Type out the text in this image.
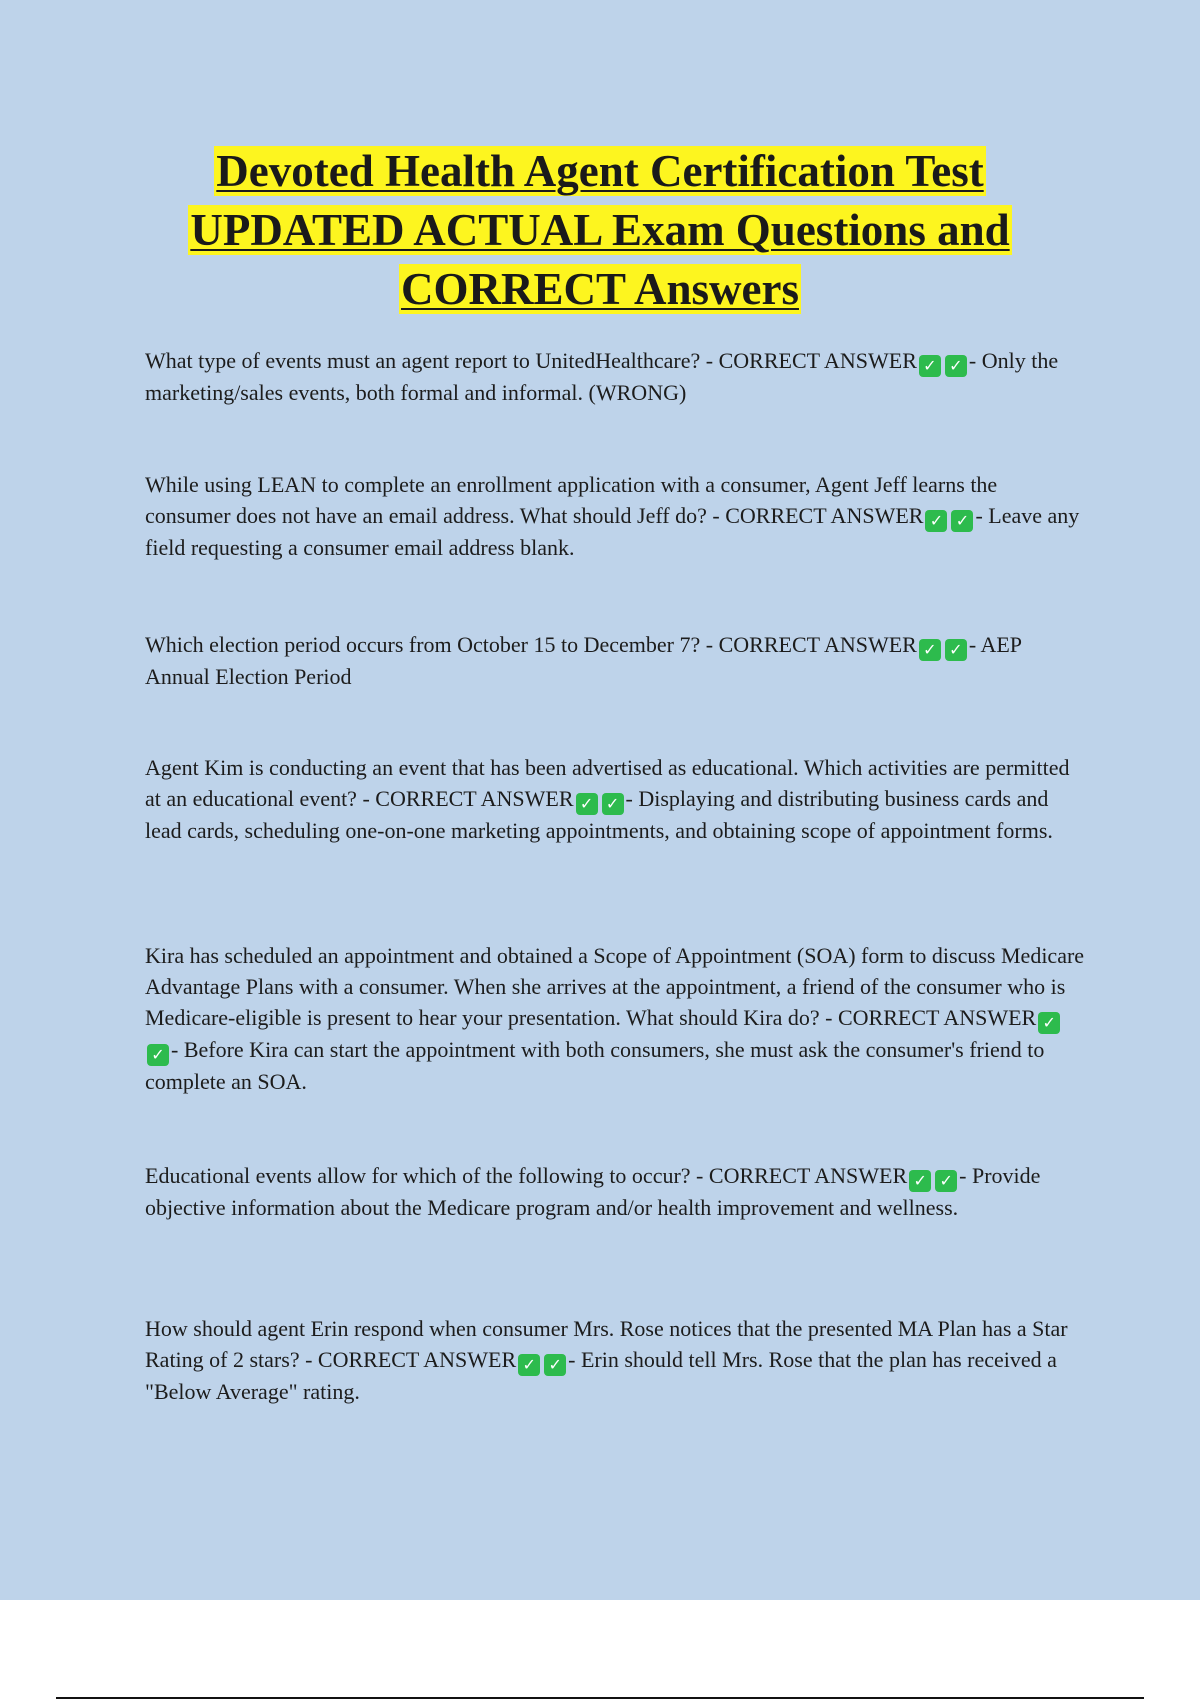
Devoted Health Agent Certification Test
UPDATED ACTUAL Exam Questions and
CORRECT Answers
What type of events must an agent report to UnitedHealthcare? - CORRECT ANSWER ✓ ✓ - Only the marketing/sales events, both formal and informal. (WRONG)
While using LEAN to complete an enrollment application with a consumer, Agent Jeff learns the consumer does not have an email address. What should Jeff do? - CORRECT ANSWER ✓ ✓ - Leave any field requesting a consumer email address blank.
Which election period occurs from October 15 to December 7? - CORRECT ANSWER ✓ ✓ - AEP Annual Election Period
Agent Kim is conducting an event that has been advertised as educational. Which activities are permitted at an educational event? - CORRECT ANSWER ✓ ✓ - Displaying and distributing business cards and lead cards, scheduling one-on-one marketing appointments, and obtaining scope of appointment forms.
Kira has scheduled an appointment and obtained a Scope of Appointment (SOA) form to discuss Medicare Advantage Plans with a consumer. When she arrives at the appointment, a friend of the consumer who is Medicare-eligible is present to hear your presentation. What should Kira do? - CORRECT ANSWER ✓✓ - Before Kira can start the appointment with both consumers, she must ask the consumer's friend to complete an SOA.
Educational events allow for which of the following to occur? - CORRECT ANSWER ✓ ✓ - Provide objective information about the Medicare program and/or health improvement and wellness.
How should agent Erin respond when consumer Mrs. Rose notices that the presented MA Plan has a Star Rating of 2 stars? - CORRECT ANSWER ✓ ✓ - Erin should tell Mrs. Rose that the plan has received a "Below Average" rating.
